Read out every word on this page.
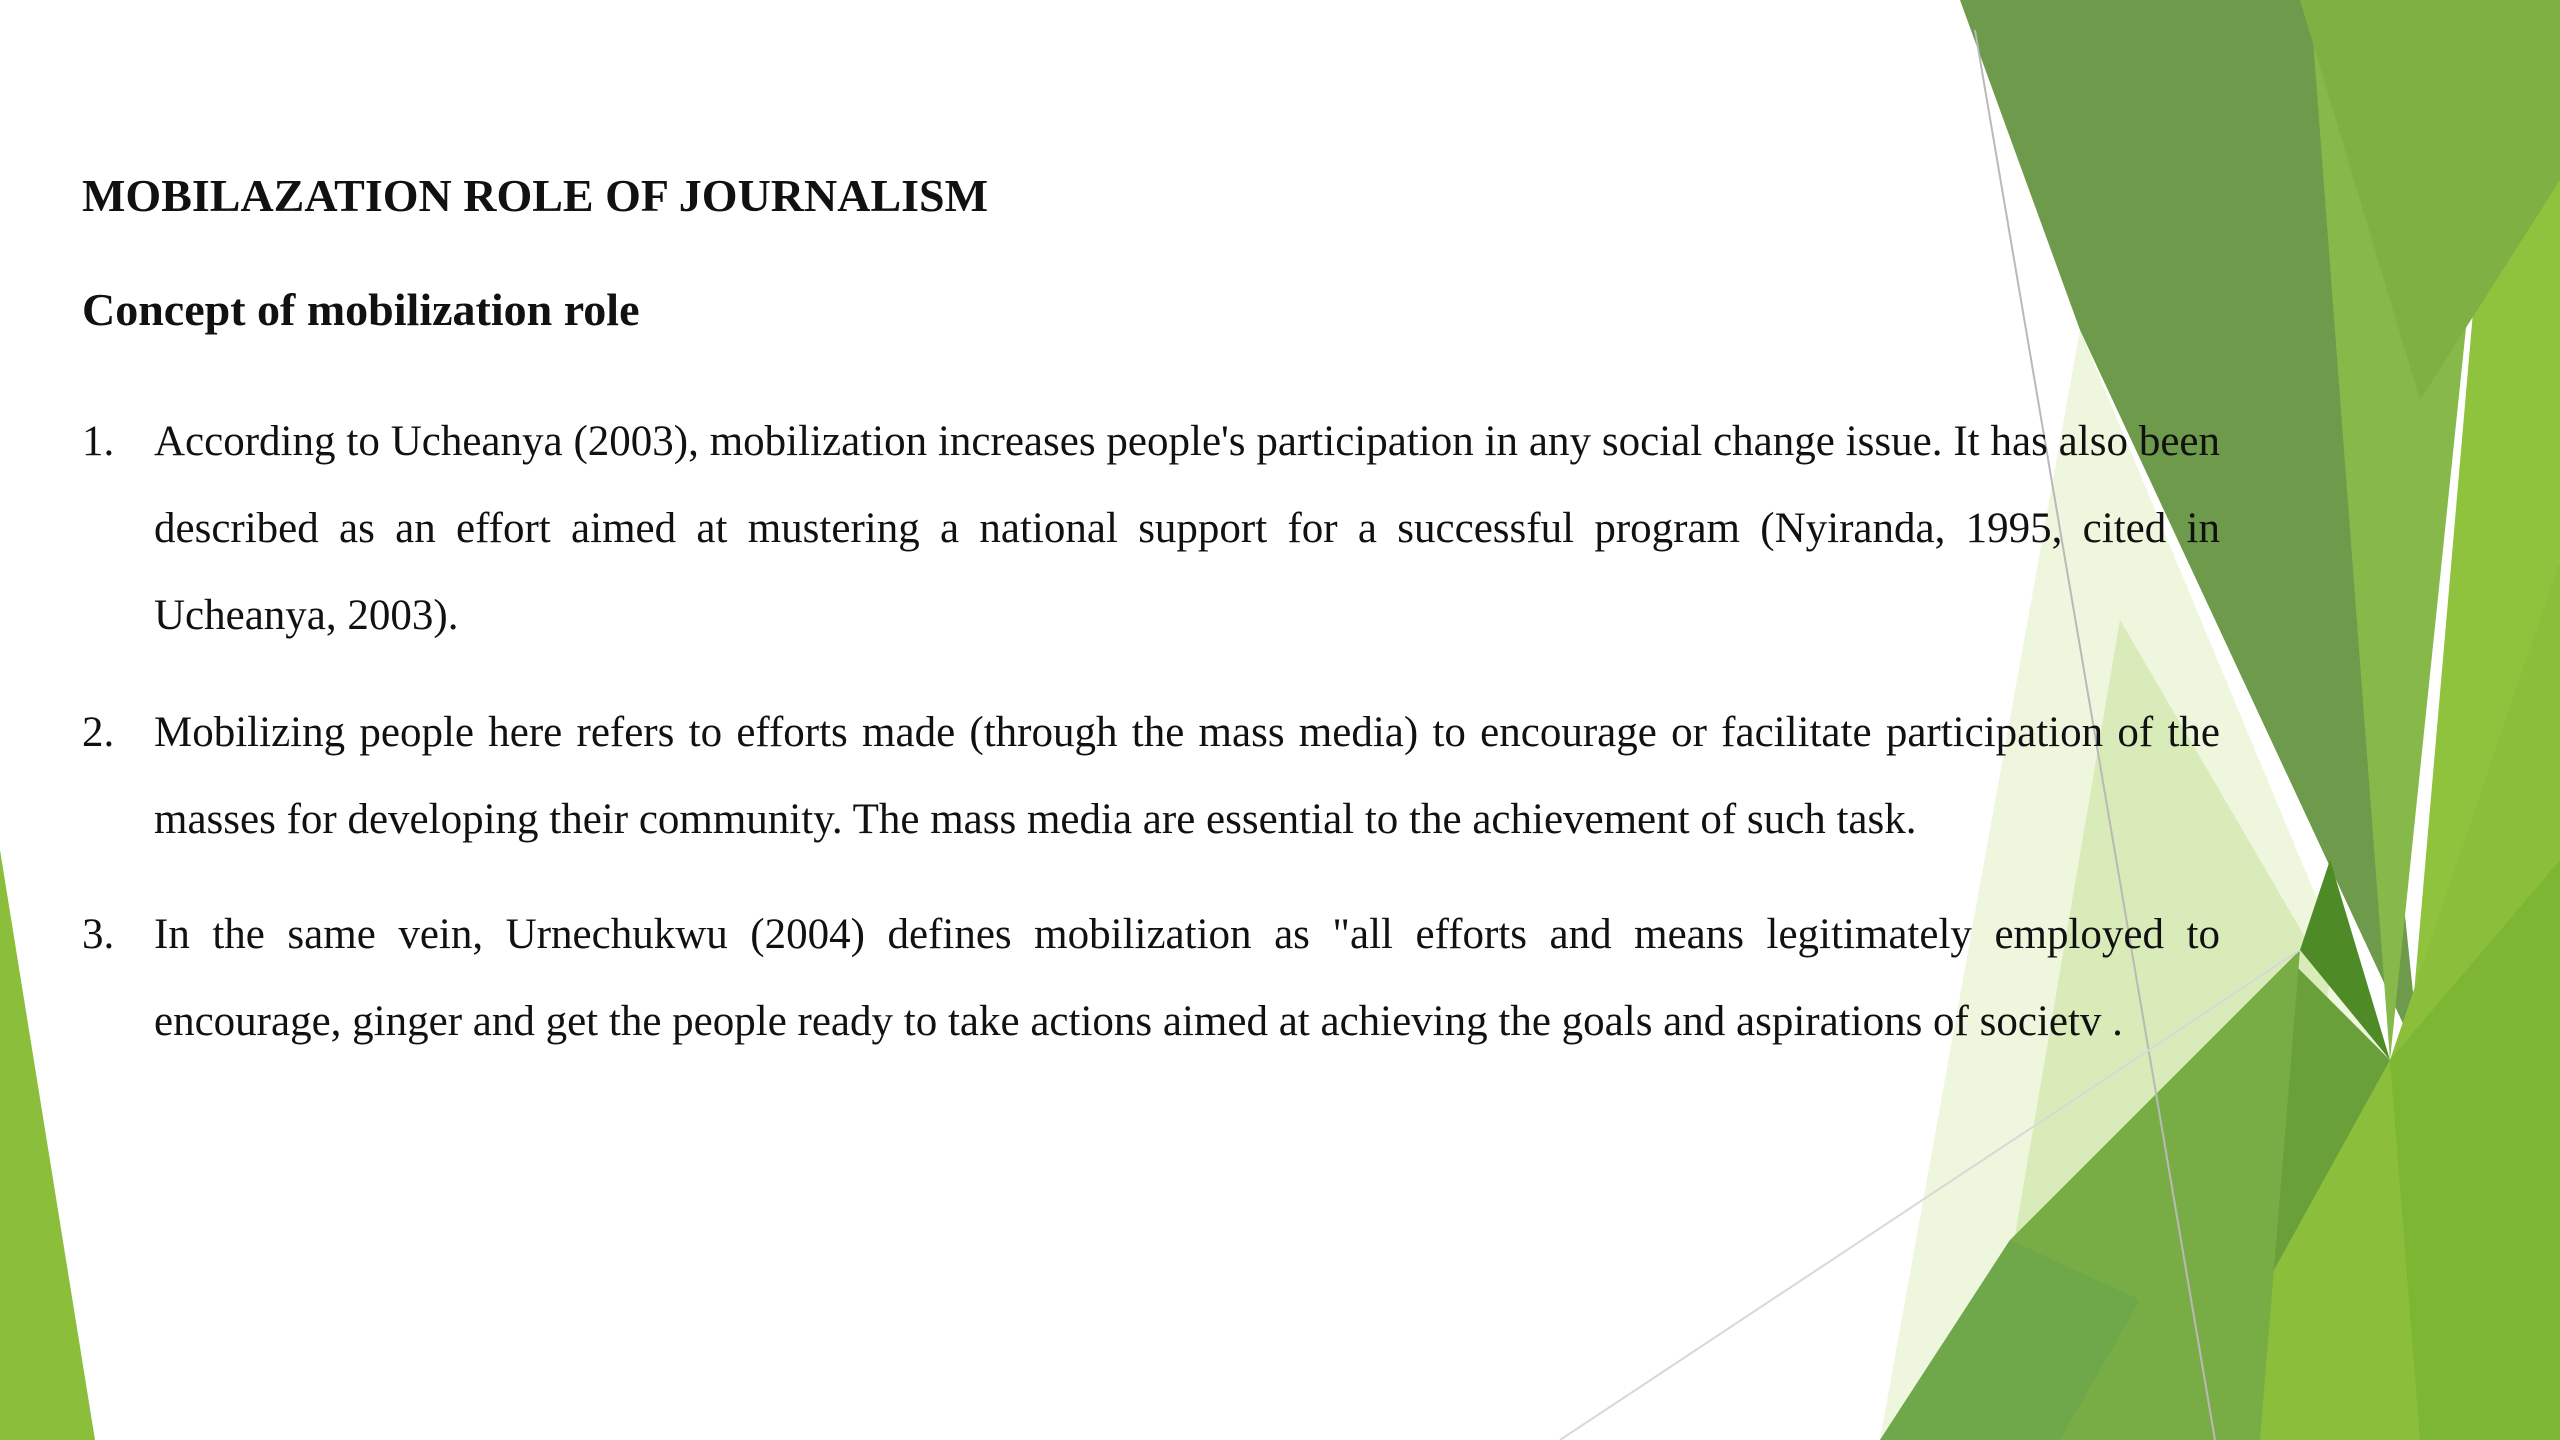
MOBILAZATION ROLE OF JOURNALISM
Concept of mobilization role
1. According to Ucheanya (2003), mobilization increases people's participation in any social change issue. It has also been described as an effort aimed at mustering a national support for a successful program (Nyiranda, 1995, cited in Ucheanya, 2003).
2. Mobilizing people here refers to efforts made (through the mass media) to encourage or facilitate participation of the masses for developing their community. The mass media are essential to the achievement of such task.
3. In the same vein, Urnechukwu (2004) defines mobilization as "all efforts and means legitimately employed to encourage, ginger and get the people ready to take actions aimed at achieving the goals and aspirations of societv .
